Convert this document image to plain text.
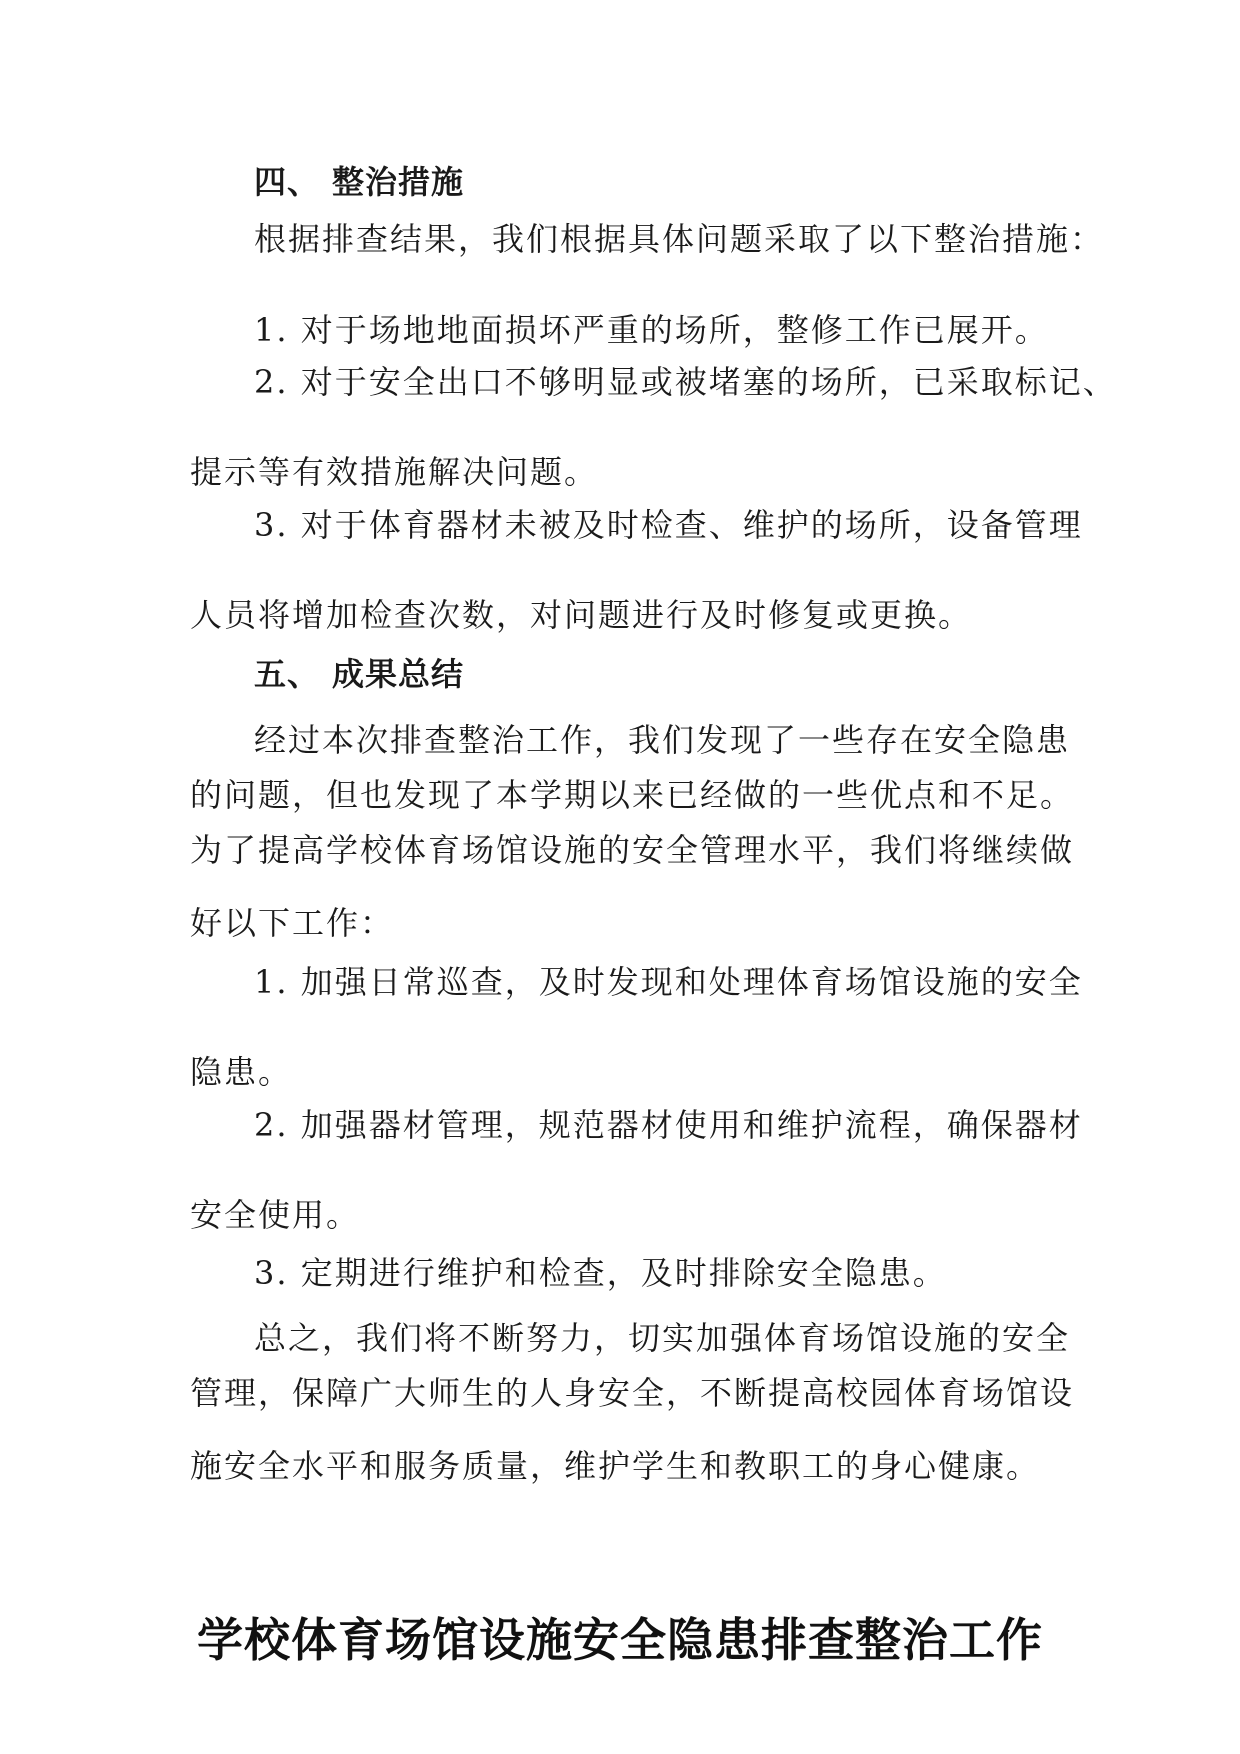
四、 整治措施
根据排查结果，我们根据具体问题采取了以下整治措施：
1. 对于场地地面损坏严重的场所，整修工作已展开。
2. 对于安全出口不够明显或被堵塞的场所，已采取标记、
提示等有效措施解决问题。
3. 对于体育器材未被及时检查、维护的场所，设备管理
人员将增加检查次数，对问题进行及时修复或更换。
五、 成果总结
经过本次排查整治工作，我们发现了一些存在安全隐患
的问题，但也发现了本学期以来已经做的一些优点和不足。
为了提高学校体育场馆设施的安全管理水平，我们将继续做
好以下工作：
1. 加强日常巡查，及时发现和处理体育场馆设施的安全
隐患。
2. 加强器材管理，规范器材使用和维护流程，确保器材
安全使用。
3. 定期进行维护和检查，及时排除安全隐患。
总之，我们将不断努力，切实加强体育场馆设施的安全
管理，保障广大师生的人身安全，不断提高校园体育场馆设
施安全水平和服务质量，维护学生和教职工的身心健康。
学校体育场馆设施安全隐患排查整治工作
